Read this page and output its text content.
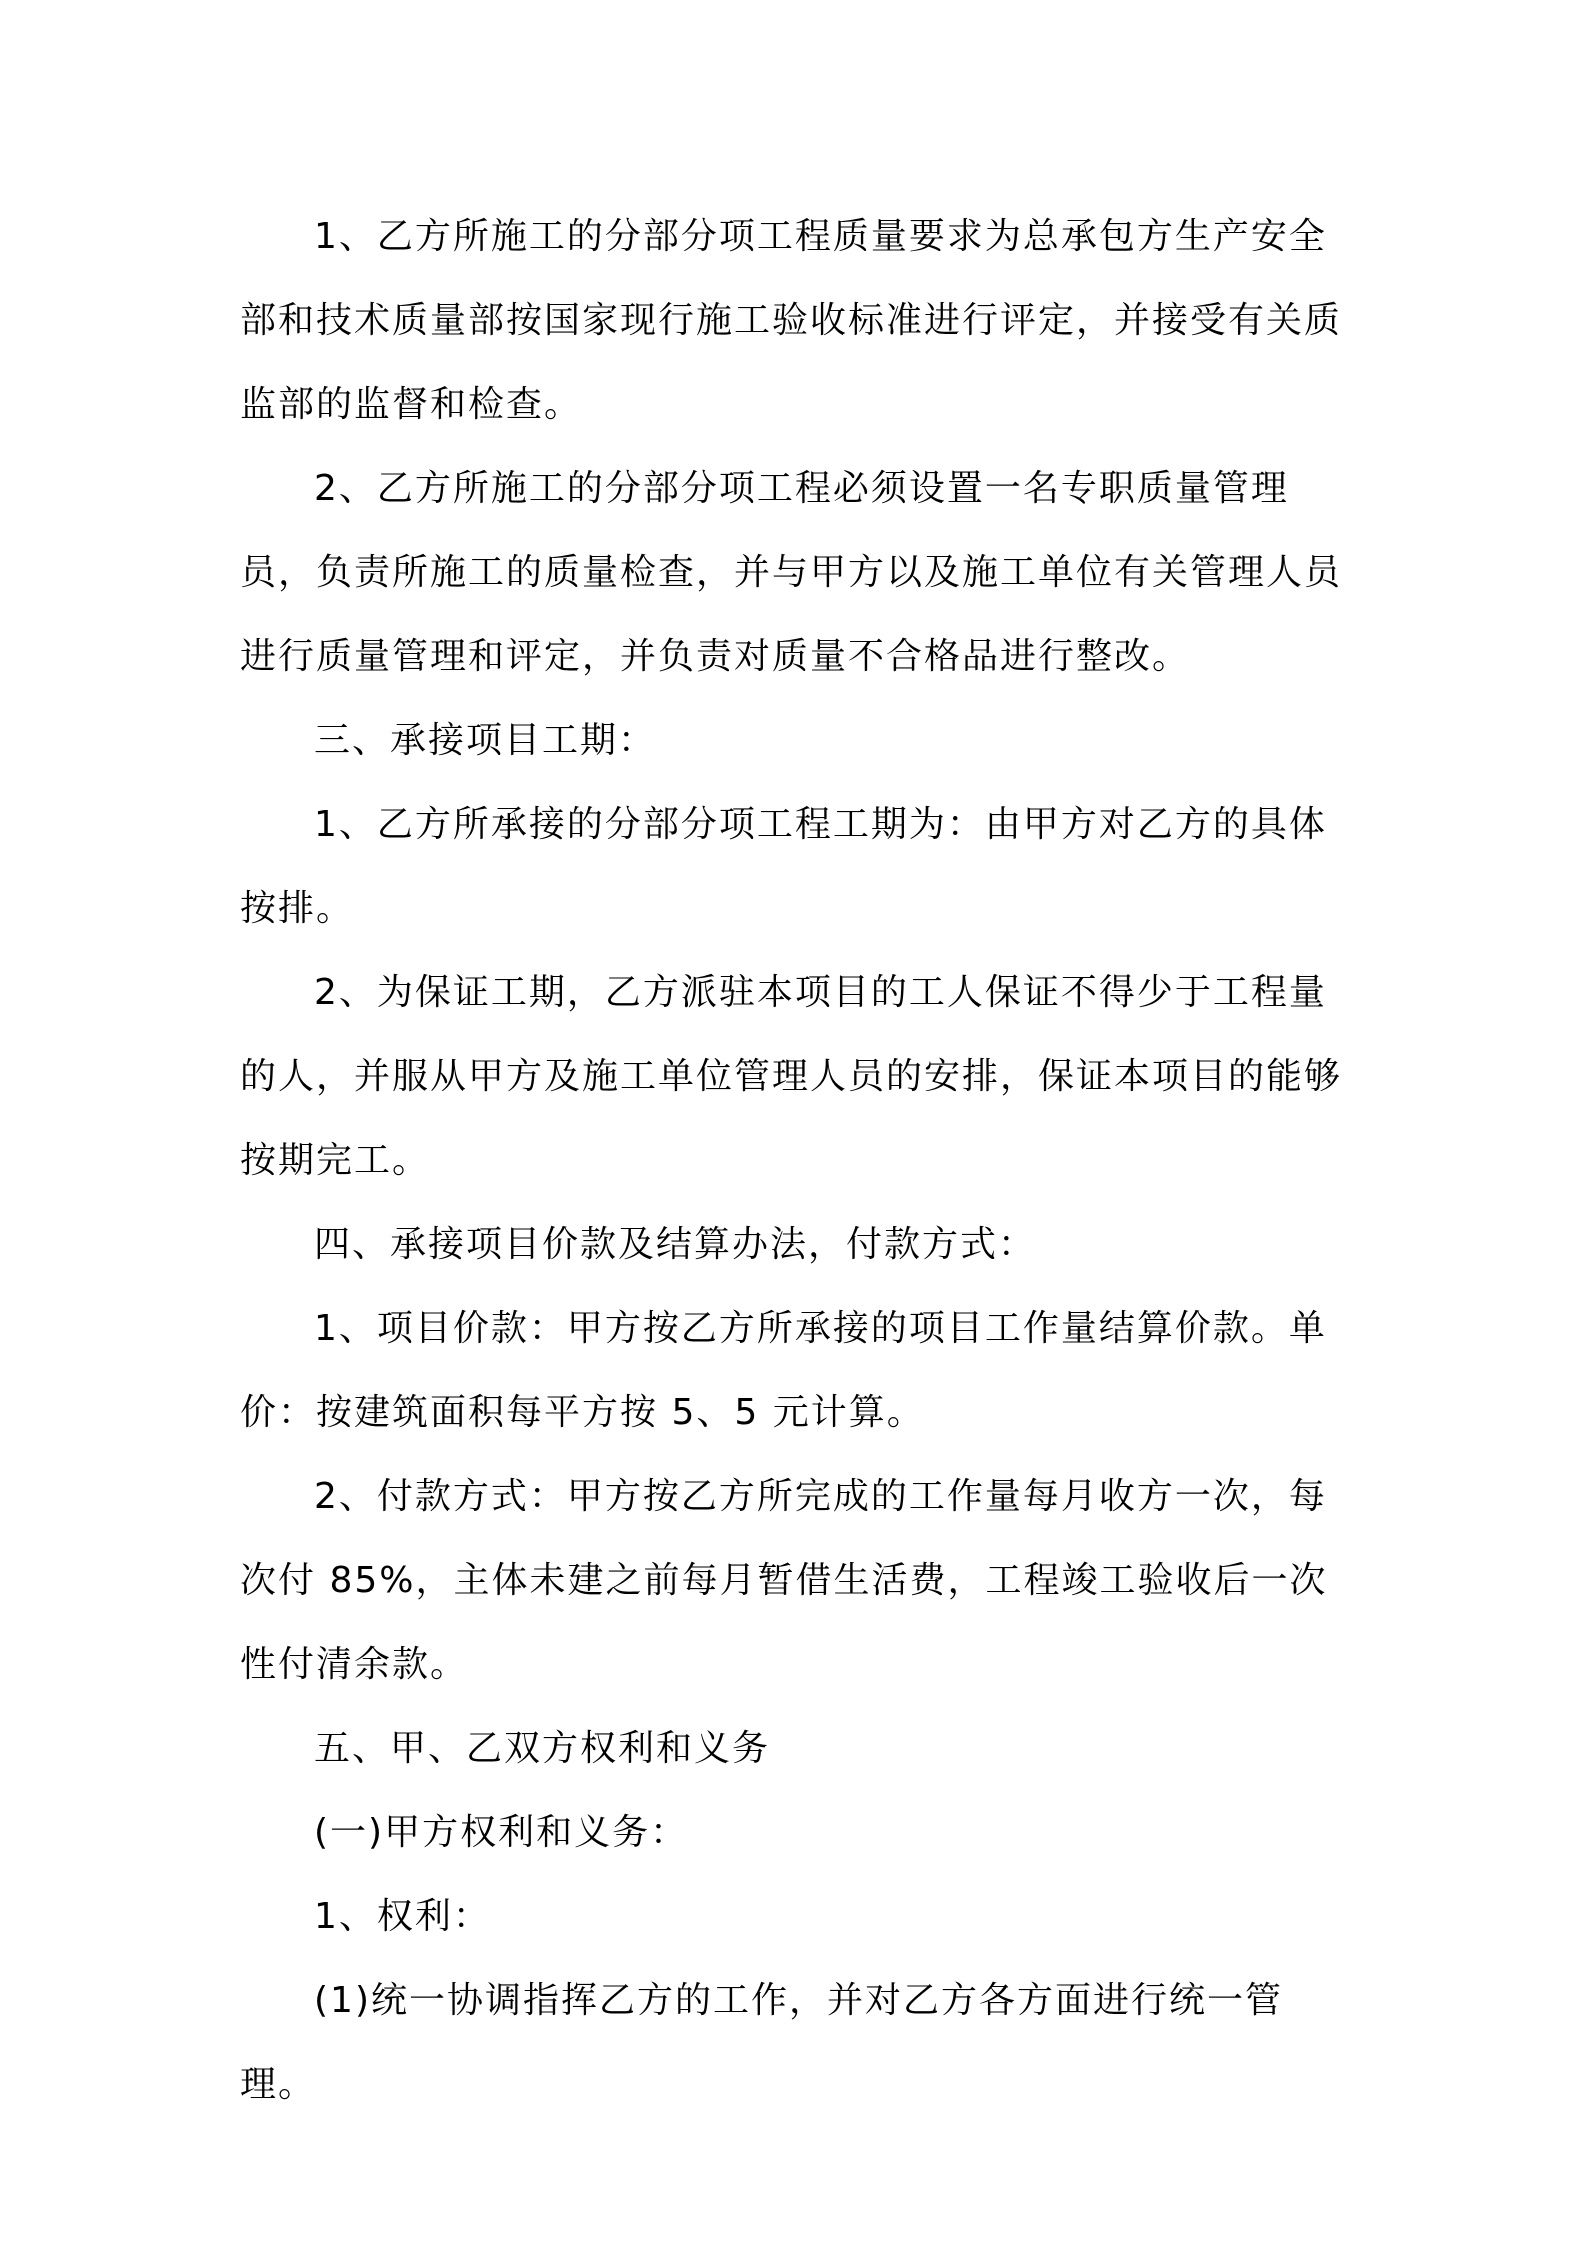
1、乙方所施工的分部分项工程质量要求为总承包方生产安全部和技术质量部按国家现行施工验收标准进行评定，并接受有关质监部的监督和检查。

2、乙方所施工的分部分项工程必须设置一名专职质量管理员，负责所施工的质量检查，并与甲方以及施工单位有关管理人员进行质量管理和评定，并负责对质量不合格品进行整改。

三、承接项目工期：

1、乙方所承接的分部分项工程工期为：由甲方对乙方的具体按排。

2、为保证工期，乙方派驻本项目的工人保证不得少于工程量的人，并服从甲方及施工单位管理人员的安排，保证本项目的能够按期完工。

四、承接项目价款及结算办法，付款方式：

1、项目价款：甲方按乙方所承接的项目工作量结算价款。单价：按建筑面积每平方按 5、5 元计算。

2、付款方式：甲方按乙方所完成的工作量每月收方一次，每次付 85%，主体未建之前每月暂借生活费，工程竣工验收后一次性付清余款。

五、甲、乙双方权利和义务

(一)甲方权利和义务：

1、权利：

(1)统一协调指挥乙方的工作，并对乙方各方面进行统一管理。
